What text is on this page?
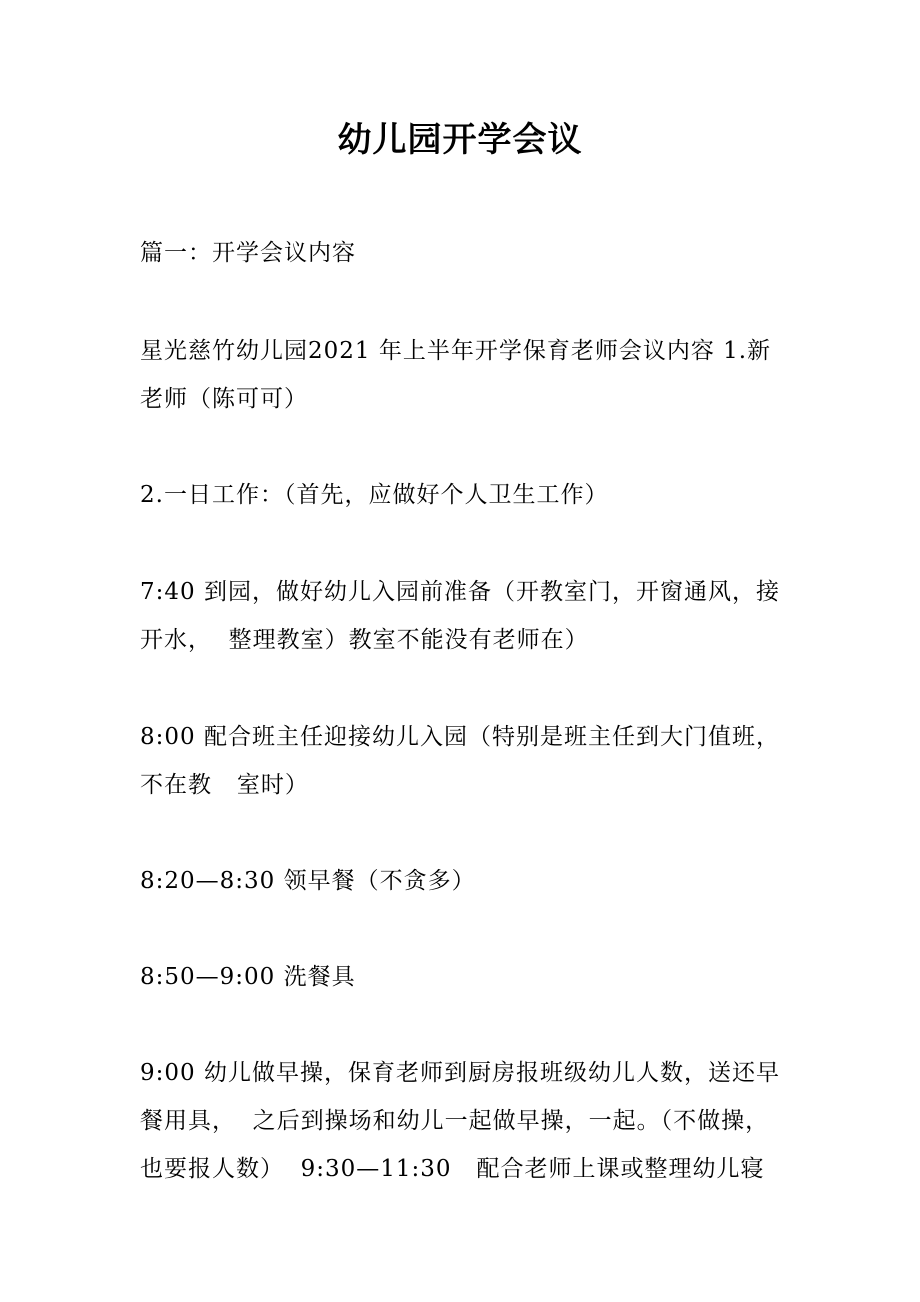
幼儿园开学会议

篇一：开学会议内容

星光慈竹幼儿园2021 年上半年开学保育老师会议内容 1.新
老师（陈可可）

2.一日工作：（首先，应做好个人卫生工作）

7:40 到园，做好幼儿入园前准备（开教室门，开窗通风，接
开水，  整理教室）教室不能没有老师在）

8:00 配合班主任迎接幼儿入园（特别是班主任到大门值班，
不在教   室时）

8:20—8:30 领早餐（不贪多）

8:50—9:00 洗餐具

9:00 幼儿做早操，保育老师到厨房报班级幼儿人数，送还早
餐用具，  之后到操场和幼儿一起做早操，一起。（不做操，
也要报人数）  9:30—11:30   配合老师上课或整理幼儿寝
